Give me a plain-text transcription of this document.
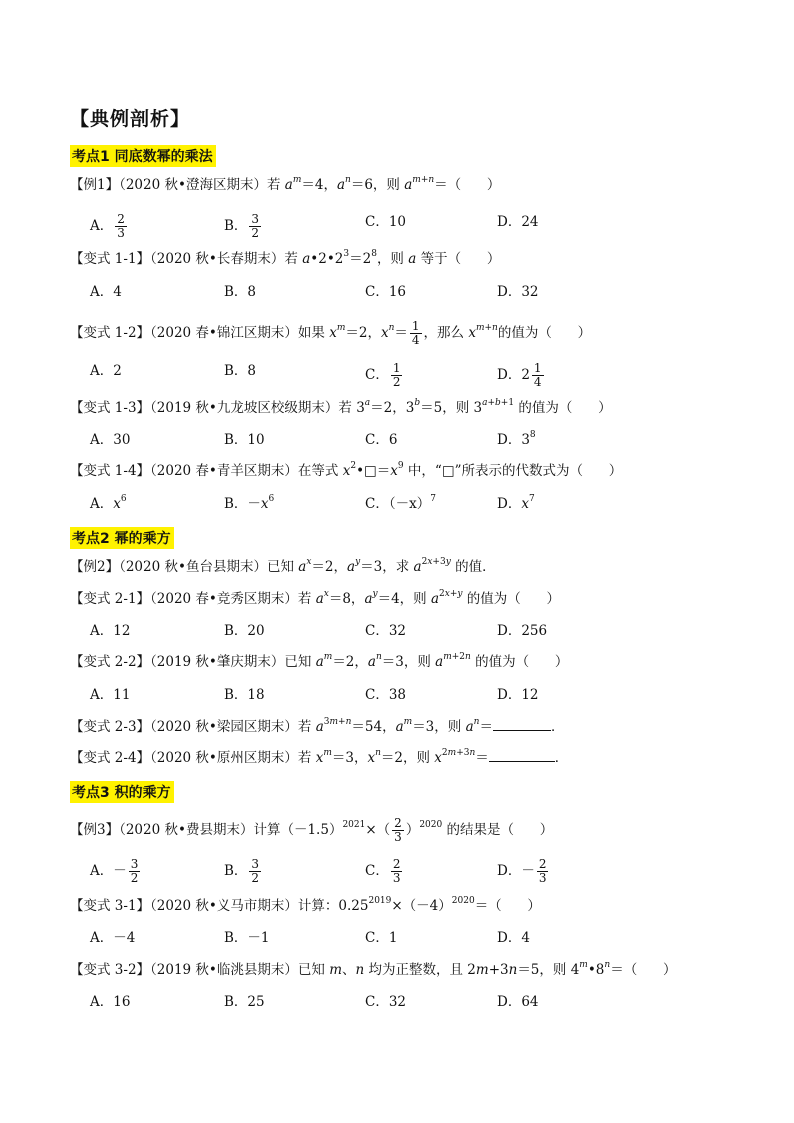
【典例剖析】
考点1 同底数幂的乘法
【例1】（2020 秋•澄海区期末）若 $a^m=4$，$a^n=6$，则 $a^{m+n}=$（      ）
A． $\frac{2}{3}$	B． $\frac{3}{2}$	C．10	D．24
【变式 1-1】（2020 秋•长春期末）若 $a•2•2^3=2^8$，则 a 等于（      ）
A．4	B．8	C．16	D．32
【变式 1-2】（2020 春•锦江区期末）如果 $x^m=2$，$x^n= \frac{1}{4}$ ，那么 $x^{m+n}$的值为（      ）
A．2	B．8	C． $\frac{1}{2}$	D．$2 \frac{1}{4}$
【变式 1-3】（2019 秋•九龙坡区校级期末）若 $3^a=2$，$3^b=5$，则 $3^{a+b+1}$ 的值为（      ）
A．30	B．10	C．6	D．$3^8$
【变式 1-4】（2020 春•青羊区期末）在等式 $x^2•□=x^9$ 中，“□”所表示的代数式为（      ）
A．$x^6$	B．$-x^6$	C．$(-x)^7$	D．$x^7$
考点2 幂的乘方
【例2】（2020 秋•鱼台县期末）已知 $a^x=2$，$a^y=3$，求 $a^{2x+3y}$ 的值．
【变式 2-1】（2020 春•竞秀区期末）若 $a^x=8$，$a^y=4$，则 $a^{2x+y}$ 的值为（      ）
A．12	B．20	C．32	D．256
【变式 2-2】（2019 秋•肇庆期末）已知 $a^m=2$，$a^n=3$，则 $a^{m+2n}$ 的值为（      ）
A．11	B．18	C．38	D．12
【变式 2-3】（2020 秋•梁园区期末）若 $a^{3m+n}=54$，$a^m=3$，则 $a^n=$	．
【变式 2-4】（2020 秋•原州区期末）若 $x^m=3$，$x^n=2$，则 $x^{2m+3n}=$	．
考点3 积的乘方
【例3】（2020 秋•费县期末）计算$(-1.5)^{2021}\times( \frac{2}{3} )^{2020}$ 的结果是（      ）
A．－ $\frac{3}{2}$	B． $\frac{3}{2}$	C． $\frac{2}{3}$	D．－ $\frac{2}{3}$
【变式 3-1】（2020 秋•义马市期末）计算：$0.25^{2019}\times(-4)^{2020}=$（      ）
A．－4	B．－1	C．1	D．4
【变式 3-2】（2019 秋•临洮县期末）已知 m、n 均为正整数，且 2m+3n＝5，则 $4^m•8^n=$（      ）
A．16	B．25	C．32	D．64
